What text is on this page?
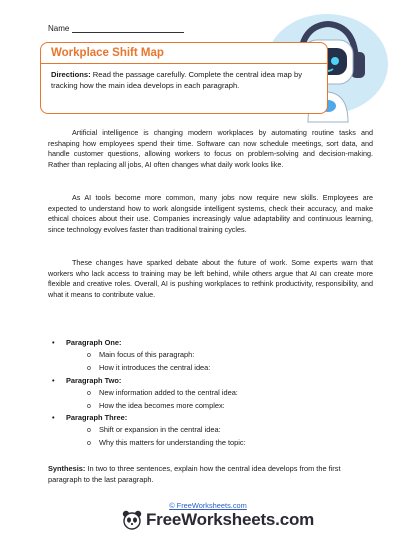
Name
Workplace Shift Map
Directions: Read the passage carefully. Complete the central idea map by tracking how the main idea develops in each paragraph.

Artificial intelligence is changing modern workplaces by automating routine tasks and reshaping how employees spend their time. Software can now schedule meetings, sort data, and handle customer questions, allowing workers to focus on problem-solving and decision-making. Rather than replacing all jobs, AI often changes what daily work looks like.

As AI tools become more common, many jobs now require new skills. Employees are expected to understand how to work alongside intelligent systems, check their accuracy, and make ethical choices about their use. Companies increasingly value adaptability and continuous learning, since technology evolves faster than traditional training cycles.

These changes have sparked debate about the future of work. Some experts warn that workers who lack access to training may be left behind, while others argue that AI can create more flexible and creative roles. Overall, AI is pushing workplaces to rethink productivity, responsibility, and what it means to contribute value.

•	Paragraph One:
o	Main focus of this paragraph:
o	How it introduces the central idea:
•	Paragraph Two:
o	New information added to the central idea:
o	How the idea becomes more complex:
•	Paragraph Three:
o	Shift or expansion in the central idea:
o	Why this matters for understanding the topic:

Synthesis: In two to three sentences, explain how the central idea develops from the first paragraph to the last paragraph.

© FreeWorksheets.com
FreeWorksheets.com
